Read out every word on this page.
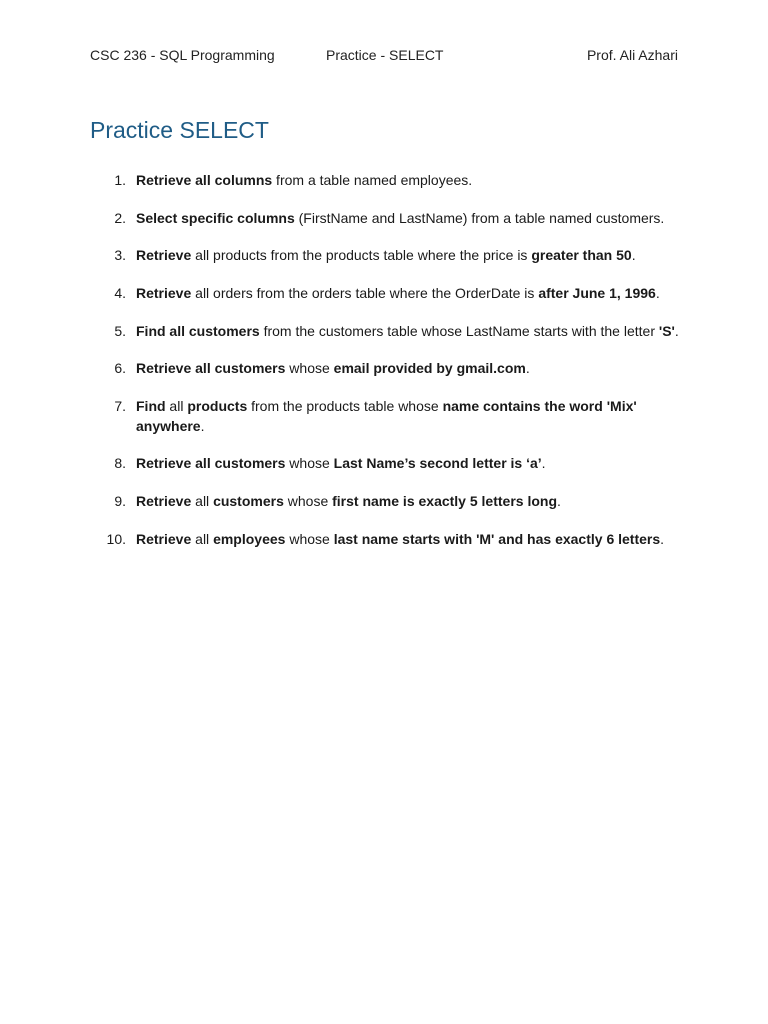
CSC 236 - SQL Programming	Practice - SELECT	Prof. Ali Azhari
Practice SELECT
1. Retrieve all columns from a table named employees.
2. Select specific columns (FirstName and LastName) from a table named customers.
3. Retrieve all products from the products table where the price is greater than 50.
4. Retrieve all orders from the orders table where the OrderDate is after June 1, 1996.
5. Find all customers from the customers table whose LastName starts with the letter 'S'.
6. Retrieve all customers whose email provided by gmail.com.
7. Find all products from the products table whose name contains the word 'Mix' anywhere.
8. Retrieve all customers whose Last Name’s second letter is ‘a’.
9. Retrieve all customers whose first name is exactly 5 letters long.
10. Retrieve all employees whose last name starts with 'M' and has exactly 6 letters.
